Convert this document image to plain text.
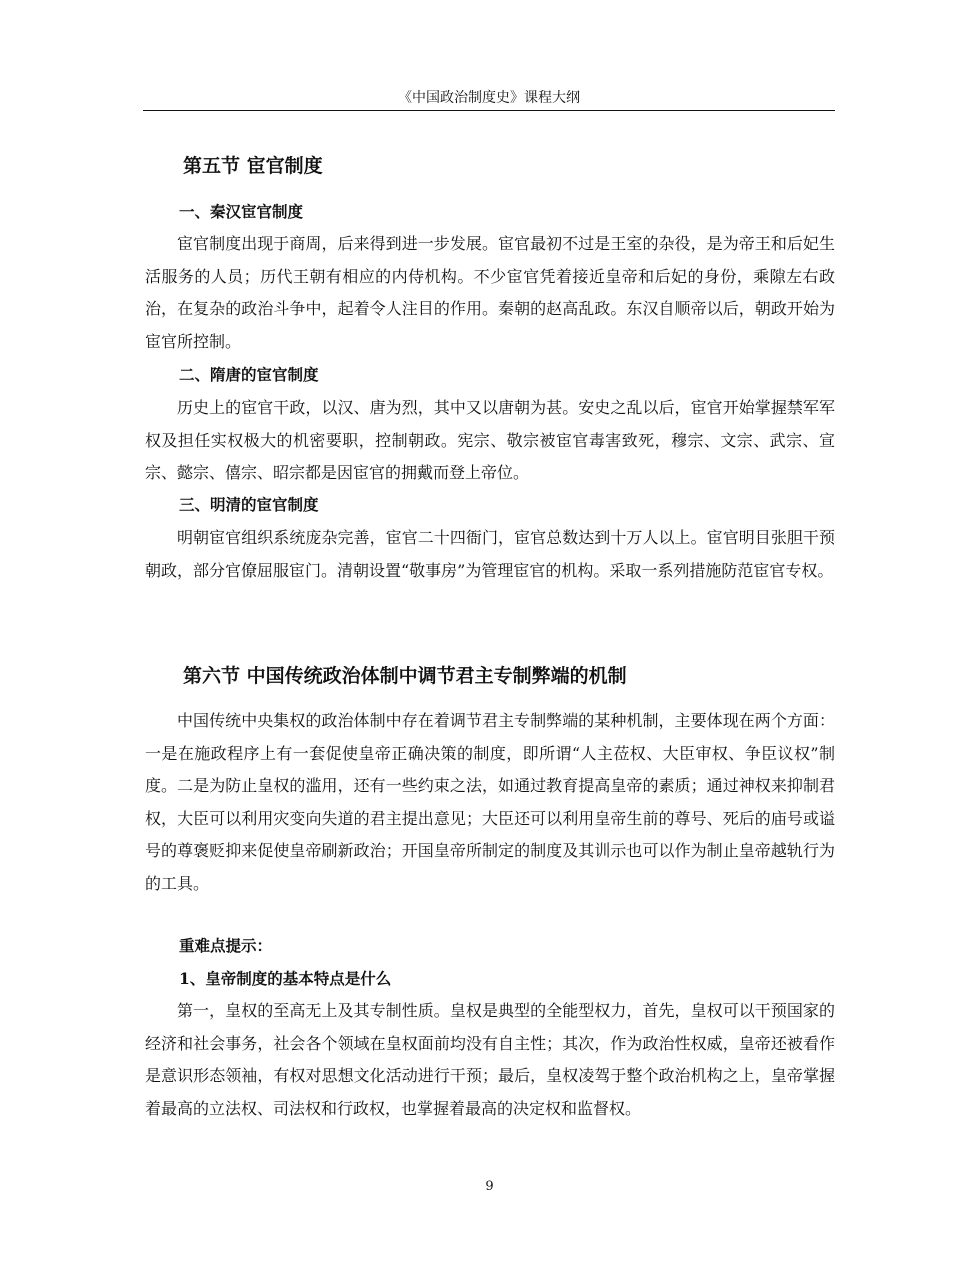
《中国政治制度史》课程大纲
第五节 宦官制度
一、秦汉宦官制度

宦官制度出现于商周，后来得到进一步发展。宦官最初不过是王室的杂役，是为帝王和后妃生活服务的人员；历代王朝有相应的内侍机构。不少宦官凭着接近皇帝和后妃的身份，乘隙左右政治，在复杂的政治斗争中，起着令人注目的作用。秦朝的赵高乱政。东汉自顺帝以后，朝政开始为宦官所控制。

二、隋唐的宦官制度

历史上的宦官干政，以汉、唐为烈，其中又以唐朝为甚。安史之乱以后，宦官开始掌握禁军军权及担任实权极大的机密要职，控制朝政。宪宗、敬宗被宦官毒害致死，穆宗、文宗、武宗、宣宗、懿宗、僖宗、昭宗都是因宦官的拥戴而登上帝位。

三、明清的宦官制度

明朝宦官组织系统庞杂完善，宦官二十四衙门，宦官总数达到十万人以上。宦官明目张胆干预朝政，部分官僚屈服宦门。清朝设置“敬事房”为管理宦官的机构。采取一系列措施防范宦官专权。

第六节 中国传统政治体制中调节君主专制弊端的机制

中国传统中央集权的政治体制中存在着调节君主专制弊端的某种机制，主要体现在两个方面：一是在施政程序上有一套促使皇帝正确决策的制度，即所谓“人主莅权、大臣审权、争臣议权”制度。二是为防止皇权的滥用，还有一些约束之法，如通过教育提高皇帝的素质；通过神权来抑制君权，大臣可以利用灾变向失道的君主提出意见；大臣还可以利用皇帝生前的尊号、死后的庙号或谥号的尊褒贬抑来促使皇帝刷新政治；开国皇帝所制定的制度及其训示也可以作为制止皇帝越轨行为的工具。

重难点提示：
1、皇帝制度的基本特点是什么

第一，皇权的至高无上及其专制性质。皇权是典型的全能型权力，首先，皇权可以干预国家的经济和社会事务，社会各个领域在皇权面前均没有自主性；其次，作为政治性权威，皇帝还被看作是意识形态领袖，有权对思想文化活动进行干预；最后，皇权凌驾于整个政治机构之上，皇帝掌握着最高的立法权、司法权和行政权，也掌握着最高的决定权和监督权。

9
